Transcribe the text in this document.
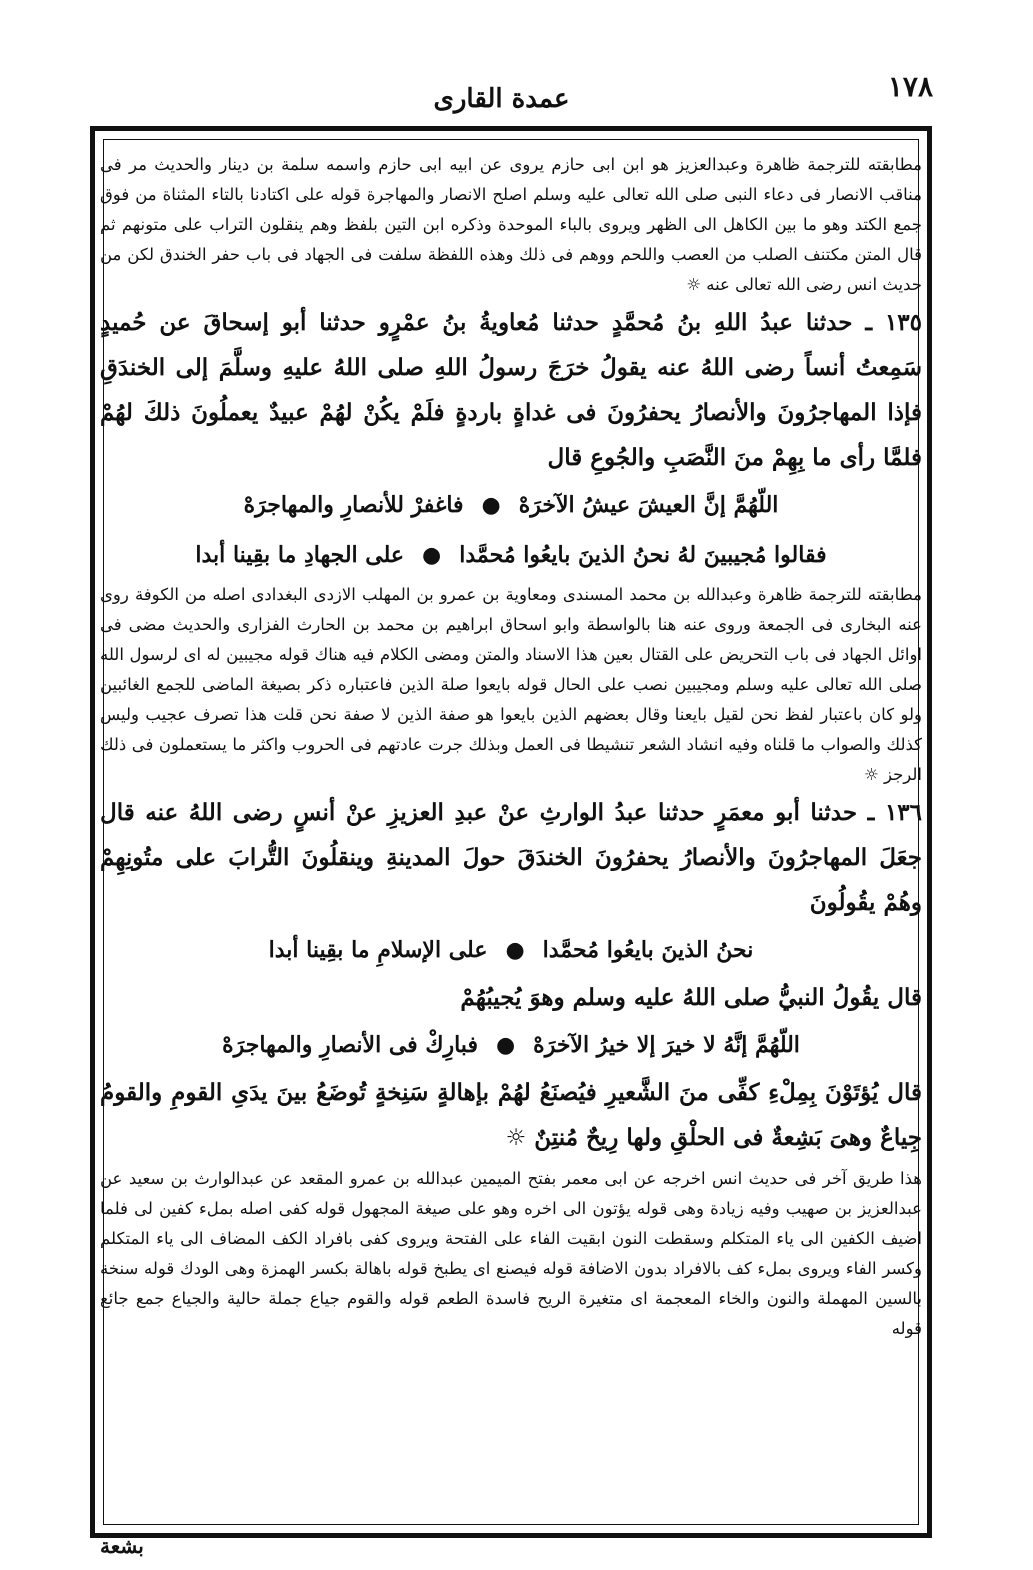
۱۷۸
عمدة القارى

مطابقته للترجمة ظاهرة وعبدالعزيز هو ابن ابى حازم يروى عن ابيه ابى حازم واسمه سلمة بن دينار والحديث مر فى مناقب الانصار فى دعاء النبى صلى الله تعالى عليه وسلم اصلح الانصار والمهاجرة قوله على اكتادنا بالتاء المثناة من فوق جمع الكتد وهو ما بين الكاهل الى الظهر ويروى بالباء الموحدة وذكره ابن التين بلفظ وهم ينقلون التراب على متونهم ثم قال المتن مكتنف الصلب من العصب واللحم ووهم فى ذلك وهذه اللفظة سلفت فى الجهاد فى باب حفر الخندق لكن من حديث انس رضى الله تعالى عنه ☼

١٣٥ ـ حدثنا عبدُ اللهِ بنُ مُحمَّدٍ حدثنا مُعاويةُ بنُ عمْرٍو حدثنا أبو إسحاقَ عن حُميدٍ سَمِعتُ أنساً رضى اللهُ عنه يقولُ خرَجَ رسولُ اللهِ صلى اللهُ عليهِ وسلَّمَ إلى الخندَقِ فإذا المهاجرُونَ والأنصارُ يحفرُونَ فى غداةٍ باردةٍ فلَمْ يكُنْ لهُمْ عبيدٌ يعملُونَ ذلكَ لهُمْ فلمَّا رأى ما بِهِمْ منَ النَّصَبِ والجُوعِ قال

اللّهُمَّ إنَّ العيشَ عيشُ الآخرَهْ●فاغفرْ للأنصارِ والمهاجرَهْ

فقالوا مُجيبينَ لهُ نحنُ الذينَ بايعُوا مُحمَّدا●على الجهادِ ما بقِينا أبدا

مطابقته للترجمة ظاهرة وعبدالله بن محمد المسندى ومعاوية بن عمرو بن المهلب الازدى البغدادى اصله من الكوفة روى عنه البخارى فى الجمعة وروى عنه هنا بالواسطة وابو اسحاق ابراهيم بن محمد بن الحارث الفزارى والحديث مضى فى اوائل الجهاد فى باب التحريض على القتال بعين هذا الاسناد والمتن ومضى الكلام فيه هناك قوله مجيبين له اى لرسول الله صلى الله تعالى عليه وسلم ومجيبين نصب على الحال قوله بايعوا صلة الذين فاعتباره ذكر بصيغة الماضى للجمع الغائبين ولو كان باعتبار لفظ نحن لقيل بايعنا وقال بعضهم الذين بايعوا هو صفة الذين لا صفة نحن قلت هذا تصرف عجيب وليس كذلك والصواب ما قلناه وفيه انشاد الشعر تنشيطا فى العمل وبذلك جرت عادتهم فى الحروب واكثر ما يستعملون فى ذلك الرجز ☼

١٣٦ ـ حدثنا أبو معمَرٍ حدثنا عبدُ الوارثِ عنْ عبدِ العزيزِ عنْ أنسٍ رضى اللهُ عنه قال جعَلَ المهاجرُونَ والأنصارُ يحفرُونَ الخندَقَ حولَ المدينةِ وينقلُونَ التُّرابَ على متُونِهِمْ وهُمْ يقُولُونَ

نحنُ الذينَ بايعُوا مُحمَّدا●على الإسلامِ ما بقِينا أبدا

قال يقُولُ النبيُّ صلى اللهُ عليه وسلم وهوَ يُجيبُهُمْ

اللّهُمَّ إنَّهُ لا خيرَ إلا خيرُ الآخرَهْ●فبارِكْ فى الأنصارِ والمهاجرَهْ

قال يُؤتَوْنَ بِمِلْءِ كفِّى منَ الشَّعيرِ فيُصنَعُ لهُمْ بإهالةٍ سَنِخةٍ تُوضَعُ بينَ يدَىِ القومِ والقومُ جِياعٌ وهىَ بَشِعةٌ فى الحلْقِ ولها رِيحٌ مُنتِنٌ ☼

هذا طريق آخر فى حديث انس اخرجه عن ابى معمر بفتح الميمين عبدالله بن عمرو المقعد عن عبدالوارث بن سعيد عن عبدالعزيز بن صهيب وفيه زيادة وهى قوله يؤتون الى اخره وهو على صيغة المجهول قوله كفى اصله بملء كفين لى فلما اضيف الكفين الى ياء المتكلم وسقطت النون ابقيت الفاء على الفتحة ويروى كفى بافراد الكف المضاف الى ياء المتكلم وكسر الفاء ويروى بملء كف بالافراد بدون الاضافة قوله فيصنع اى يطبخ قوله باهالة بكسر الهمزة وهى الودك قوله سنخة بالسين المهملة والنون والخاء المعجمة اى متغيرة الريح فاسدة الطعم قوله والقوم جياع جملة حالية والجياع جمع جائع قوله

بشعة
